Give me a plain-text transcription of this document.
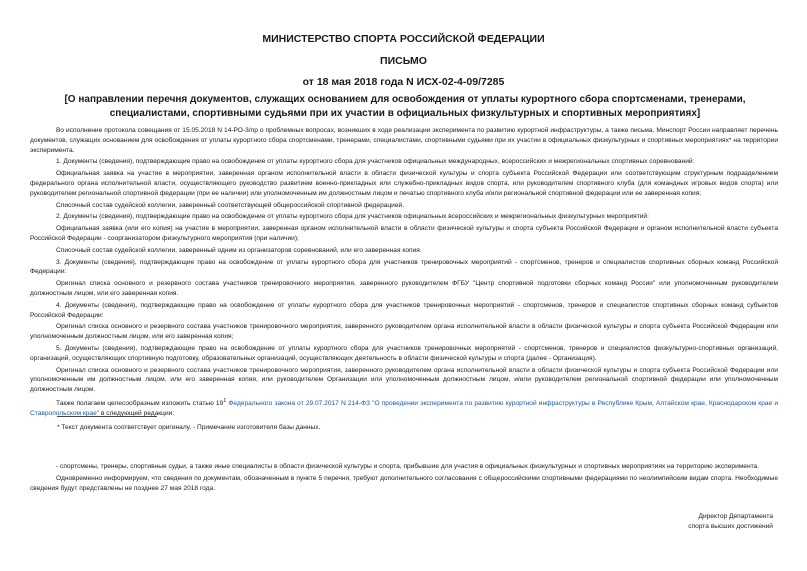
МИНИСТЕРСТВО СПОРТА РОССИЙСКОЙ ФЕДЕРАЦИИ
ПИСЬМО
от 18 мая 2018 года N ИСХ-02-4-09/7285
[О направлении перечня документов, служащих основанием для освобождения от уплаты курортного сбора спортсменами, тренерами, специалистами, спортивными судьями при их участии в официальных физкультурных и спортивных мероприятиях]

Во исполнение протокола совещания от 15.05.2018 N 14-РО-3/пр о проблемных вопросах, возникших в ходе реализации эксперимента по развитию курортной инфраструктуры, а также письма, Минспорт России направляет перечень документов, служащих основанием для освобождения от уплаты курортного сбора спортсменами, тренерами, специалистами, спортивными судьями при их участии в официальных физкультурных и спортивных мероприятиях* на территории эксперимента.

1. Документы (сведения), подтверждающие право на освобождение от уплаты курортного сбора для участников официальных международных, всероссийских и межрегиональных спортивных соревнований:

Официальная заявка на участие в мероприятии, заверенная органом исполнительной власти в области физической культуры и спорта субъекта Российской Федерации или соответствующим структурным подразделением федерального органа исполнительной власти, осуществляющего руководство развитием военно-прикладных или служебно-прикладных видов спорта, или руководителем спортивного клуба (для командных игровых видов спорта) или руководителем региональной спортивной федерации (при ее наличии) или уполномоченным им должностным лицом и печатью спортивного клуба и/или региональной спортивной федерации или ее заверенная копия;

Списочный состав судейской коллегии, заверенный соответствующей общероссийской спортивной федерацией.

2. Документы (сведения), подтверждающие право на освобождение от уплаты курортного сбора для участников официальных всероссийских и межрегиональных физкультурных мероприятий:

Официальная заявка (или его копия) на участие в мероприятии, заверенная органом исполнительной власти в области физической культуры и спорта субъекта Российской Федерации и органом исполнительной власти субъекта Российской Федерации - соорганизатором физкультурного мероприятия (при наличии);

Списочный состав судейской коллегии, заверенный одним из организаторов соревнований, или его заверенная копия.

3. Документы (сведения), подтверждающие право на освобождение от уплаты курортного сбора для участников тренировочных мероприятий - спортсменов, тренеров и специалистов спортивных сборных команд Российской Федерации:

Оригинал списка основного и резервного состава участников тренировочного мероприятия, заверенного руководителем ФГБУ "Центр спортивной подготовки сборных команд России" или уполномоченным руководителем должностным лицом, или его заверенная копия.

4. Документы (сведения), подтверждающие право на освобождение от уплаты курортного сбора для участников тренировочных мероприятий - спортсменов, тренеров и специалистов спортивных сборных команд субъектов Российской Федерации:

Оригинал списка основного и резервного состава участников тренировочного мероприятия, заверенного руководителем органа исполнительной власти в области физической культуры и спорта субъекта Российской Федерации или уполномоченным должностным лицом, или его заверенная копия;

5. Документы (сведения), подтверждающие право на освобождение от уплаты курортного сбора для участников тренировочных мероприятий - спортсменов, тренеров и специалистов физкультурно-спортивных организаций, организаций, осуществляющих спортивную подготовку, образовательных организаций, осуществляющих деятельность в области физической культуры и спорта (далее - Организация).

Оригинал списка основного и резервного состава участников тренировочного мероприятия, заверенного руководителем органа исполнительной власти в области физической культуры и спорта субъекта Российской Федерации или уполномоченным им должностным лицом, или его заверенная копия, или руководителем Организации или уполномоченным должностным лицом, и/или руководителем региональной спортивной федерации или уполномоченным должностным лицом.

Также полагаем целесообразным изложить статью $19^1$ Федерального закона от 29.07.2017 N 214-ФЗ "О проведении эксперимента по развитию курортной инфраструктуры в Республике Крым, Алтайском крае, Краснодарском крае и Ставропольском крае" в следующей редакции:

* Текст документа соответствует оригиналу. - Примечание изготовителя базы данных.

- спортсмены, тренеры, спортивные судьи, а также иные специалисты в области физической культуры и спорта, прибывшие для участия в официальных физкультурных и спортивных мероприятиях на территорию эксперимента.

Одновременно информируем, что сведения по документам, обозначенным в пункте 5 перечня, требуют дополнительного согласования с общероссийскими спортивными федерациями по неолимпийским видам спорта. Необходимые сведения будут представлены не позднее 27 мая 2018 года.

Директор Департамента
спорта высших достижений
